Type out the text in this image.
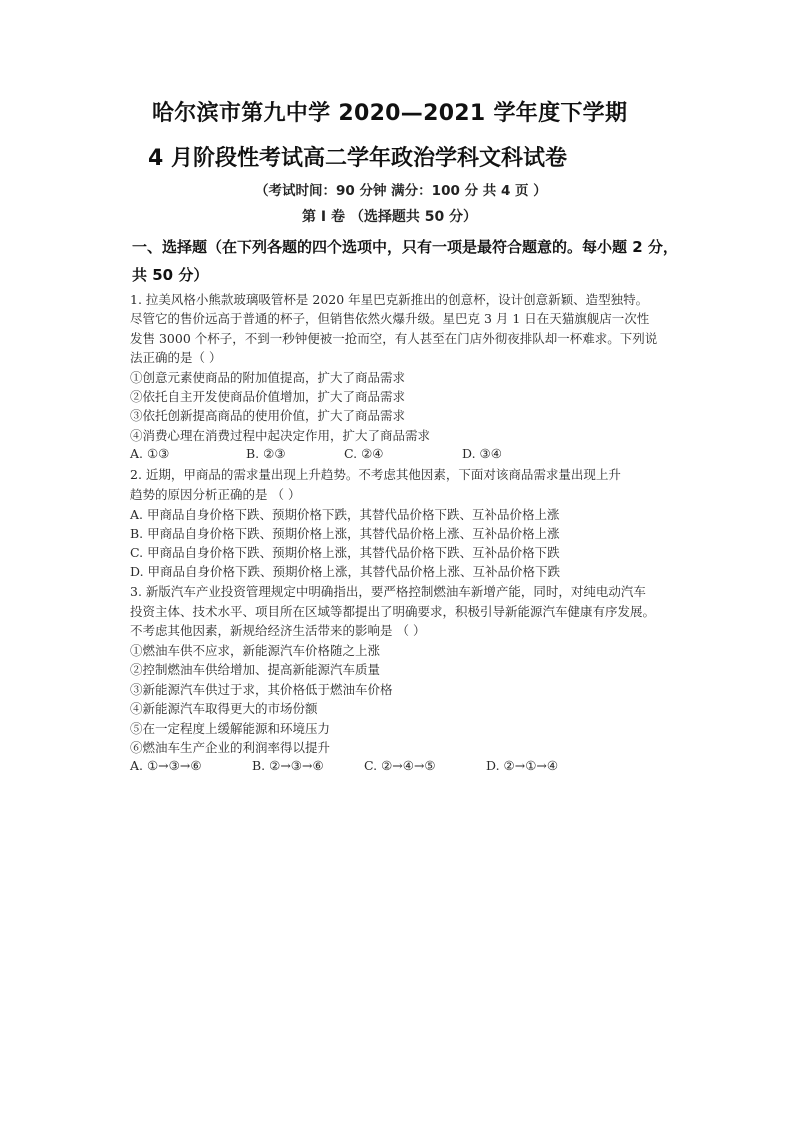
哈尔滨市第九中学 2020—2021 学年度下学期
4 月阶段性考试高二学年政治学科文科试卷
（考试时间：90 分钟 满分：100 分 共 4 页 ）
第 I 卷 （选择题共 50 分）
一、选择题（在下列各题的四个选项中，只有一项是最符合题意的。每小题 2 分，
共 50 分）
1. 拉美风格小熊款玻璃吸管杯是 2020 年星巴克新推出的创意杯，设计创意新颖、造型独特。
尽管它的售价远高于普通的杯子，但销售依然火爆升级。星巴克 3 月 1 日在天猫旗舰店一次性
发售 3000 个杯子，不到一秒钟便被一抢而空，有人甚至在门店外彻夜排队却一杯难求。下列说
法正确的是（ ）
①创意元素使商品的附加值提高，扩大了商品需求
②依托自主开发使商品价值增加，扩大了商品需求
③依托创新提高商品的使用价值，扩大了商品需求
④消费心理在消费过程中起决定作用，扩大了商品需求
A. ①③	B. ②③	C. ②④	D. ③④
2. 近期，甲商品的需求量出现上升趋势。不考虑其他因素，下面对该商品需求量出现上升
趋势的原因分析正确的是 （ ）
A. 甲商品自身价格下跌、预期价格下跌，其替代品价格下跌、互补品价格上涨
B. 甲商品自身价格下跌、预期价格上涨，其替代品价格上涨、互补品价格上涨
C. 甲商品自身价格下跌、预期价格上涨，其替代品价格下跌、互补品价格下跌
D. 甲商品自身价格下跌、预期价格上涨，其替代品价格上涨、互补品价格下跌
3. 新版汽车产业投资管理规定中明确指出，要严格控制燃油车新增产能，同时，对纯电动汽车
投资主体、技术水平、项目所在区域等都提出了明确要求，积极引导新能源汽车健康有序发展。
不考虑其他因素，新规给经济生活带来的影响是 （ ）
①燃油车供不应求，新能源汽车价格随之上涨
②控制燃油车供给增加、提高新能源汽车质量
③新能源汽车供过于求，其价格低于燃油车价格
④新能源汽车取得更大的市场份额
⑤在一定程度上缓解能源和环境压力
⑥燃油车生产企业的利润率得以提升
A. ①→③→⑥	B. ②→③→⑥	C. ②→④→⑤	D. ②→①→④
